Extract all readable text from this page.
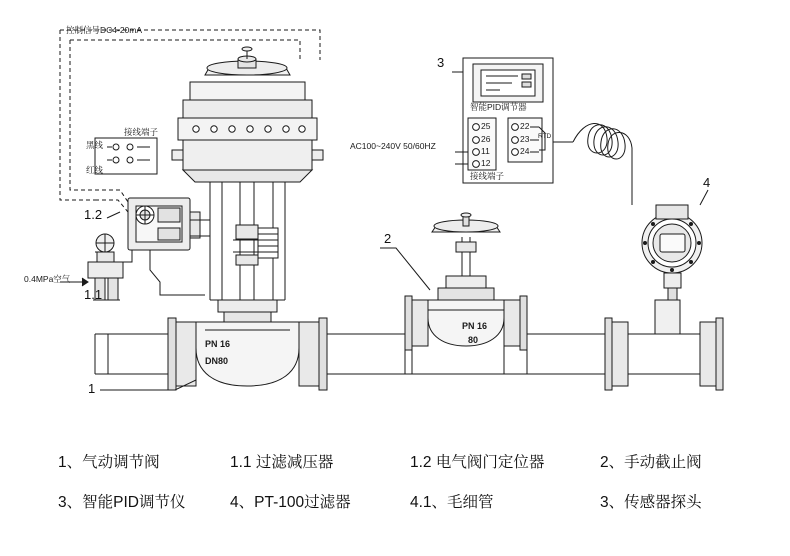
控制信号DC4-20mA
黑线
红线
接线端子
0.4MPa空气
智能PID调节器
AC100~240V 50/60HZ
接线端子
25
26
11
12
22
23
24
RTD
PN 16
DN80
PN 16
80
1
2
3
4
1.1
1.2
1、气动调节阀	1.1 过滤减压器	1.2 电气阀门定位器	2、手动截止阀
3、智能PID调节仪	4、PT-100过滤器	4.1、毛细管	3、传感器探头
